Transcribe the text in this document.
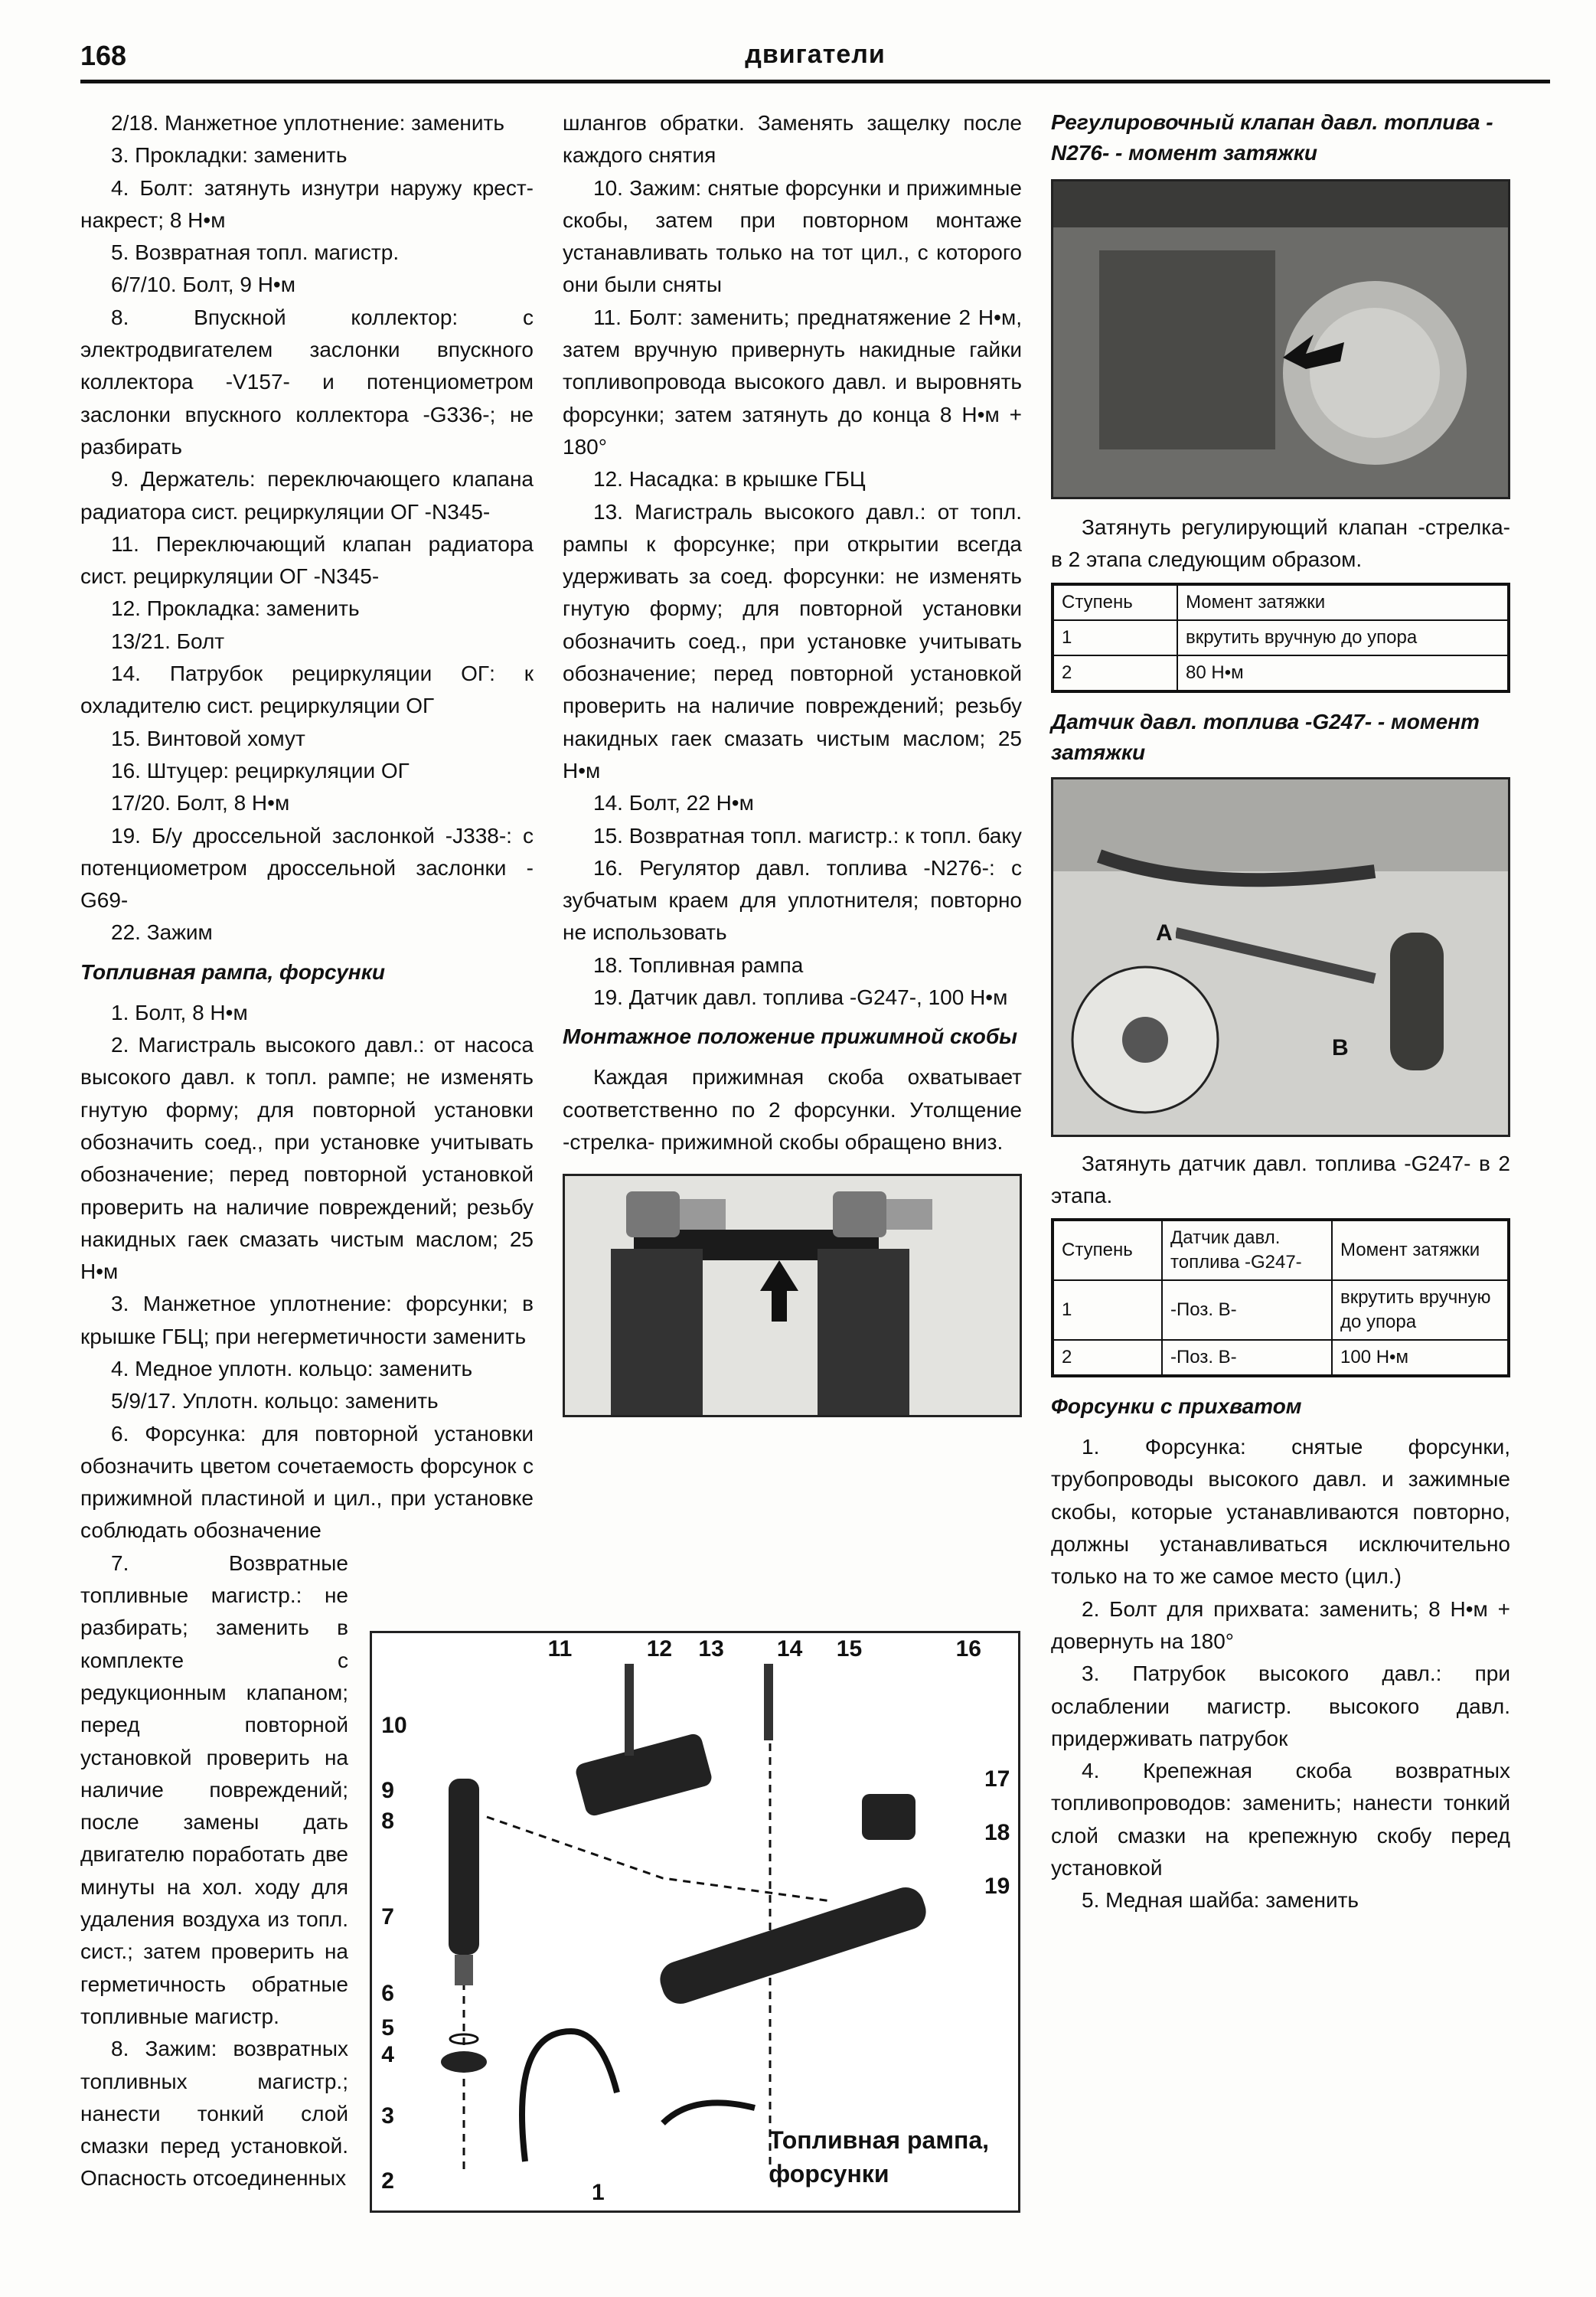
168	двигатели

2/18. Манжетное уплотнение: заменить

3. Прокладки: заменить

4. Болт: затянуть изнутри наружу крест-накрест; 8 Н•м

5. Возвратная топл. магистр.

6/7/10. Болт, 9 Н•м

8. Впускной коллектор: с электродвигателем заслонки впускного коллектора -V157- и потенциометром заслонки впускного коллектора -G336-; не разбирать

9. Держатель: переключающего клапана радиатора сист. рециркуляции ОГ -N345-

11. Переключающий клапан радиатора сист. рециркуляции ОГ -N345-

12. Прокладка: заменить

13/21. Болт

14. Патрубок рециркуляции ОГ: к охладителю сист. рециркуляции ОГ

15. Винтовой хомут

16. Штуцер: рециркуляции ОГ

17/20. Болт, 8 Н•м

19. Б/у дроссельной заслонкой -J338-: с потенциометром дроссельной заслонки -G69-

22. Зажим

Топливная рампа, форсунки

1. Болт, 8 Н•м

2. Магистраль высокого давл.: от насоса высокого давл. к топл. рампе; не изменять гнутую форму; для повторной установки обозначить соед., при установке учитывать обозначение; перед повторной установкой проверить на наличие повреждений; резьбу накидных гаек смазать чистым маслом; 25 Н•м

3. Манжетное уплотнение: форсунки; в крышке ГБЦ; при негерметичности заменить

4. Медное уплотн. кольцо: заменить

5/9/17. Уплотн. кольцо: заменить

6. Форсунка: для повторной установки обозначить цветом сочетаемость форсунок с прижимной пластиной и цил., при установке соблюдать обозначение

7. Возвратные топливные магистр.: не разбирать; заменить в комплекте с редукционным клапаном; перед повторной установкой проверить на наличие повреждений; после замены дать двигателю поработать две минуты на хол. ходу для удаления воздуха из топл. сист.; затем проверить на герметичность обратные топливные магистр.

8. Зажим: возвратных топливных магистр.; нанести тонкий слой смазки перед установкой. Опасность отсоединенных

шлангов обратки. Заменять защелку после каждого снятия

10. Зажим: снятые форсунки и прижимные скобы, затем при повторном монтаже устанавливать только на тот цил., с которого они были сняты

11. Болт: заменить; преднатяжение 2 Н•м, затем вручную привернуть накидные гайки топливопровода высокого давл. и выровнять форсунки; затем затянуть до конца 8 Н•м + 180°

12. Насадка: в крышке ГБЦ

13. Магистраль высокого давл.: от топл. рампы к форсунке; при открытии всегда удерживать за соед. форсунки: не изменять гнутую форму; для повторной установки обозначить соед., при установке учитывать обозначение; перед повторной установкой проверить на наличие повреждений; резьбу накидных гаек смазать чистым маслом; 25 Н•м

14. Болт, 22 Н•м

15. Возвратная топл. магистр.: к топл. баку

16. Регулятор давл. топлива -N276-: с зубчатым краем для уплотнителя; повторно не использовать

18. Топливная рампа

19. Датчик давл. топлива -G247-, 100 Н•м

Монтажное положение прижимной скобы

Каждая прижимная скоба охватывает соответственно по 2 форсунки. Утолщение -стрелка- прижимной скобы обращено вниз.

Регулировочный клапан давл. топлива -N276- - момент затяжки

Затянуть регулирующий клапан -стрелка- в 2 этапа следующим образом.

Ступень	Момент затяжки
1	вкрутить вручную до упора
2	80 Н•м
Датчик давл. топлива -G247- - момент затяжки
A
B

Затянуть датчик давл. топлива -G247- в 2 этапа.

Ступень	Датчик давл. топлива -G247-	Момент затяжки
1	-Поз. В-	вкрутить вручную до упора
2	-Поз. В-	100 Н•м
Форсунки с прихватом

1. Форсунка: снятые форсунки, трубопроводы высокого давл. и зажимные скобы, которые устанавливаются повторно, должны устанавливаться исключительно только на то же самое место (цил.)

2. Болт для прихвата: заменить; 8 Н•м + довернуть на 180°

3. Патрубок высокого давл.: при ослаблении магистр. высокого давл. придерживать патрубок

4. Крепежная скоба возвратных топливопроводов: заменить; нанести тонкий слой смазки на крепежную скобу перед установкой

5. Медная шайба: заменить

1
2
3
4
5
6
7
8
9
10
11	12 13 14 15	16
17
18
19
Топливная рампа,
форсунки
